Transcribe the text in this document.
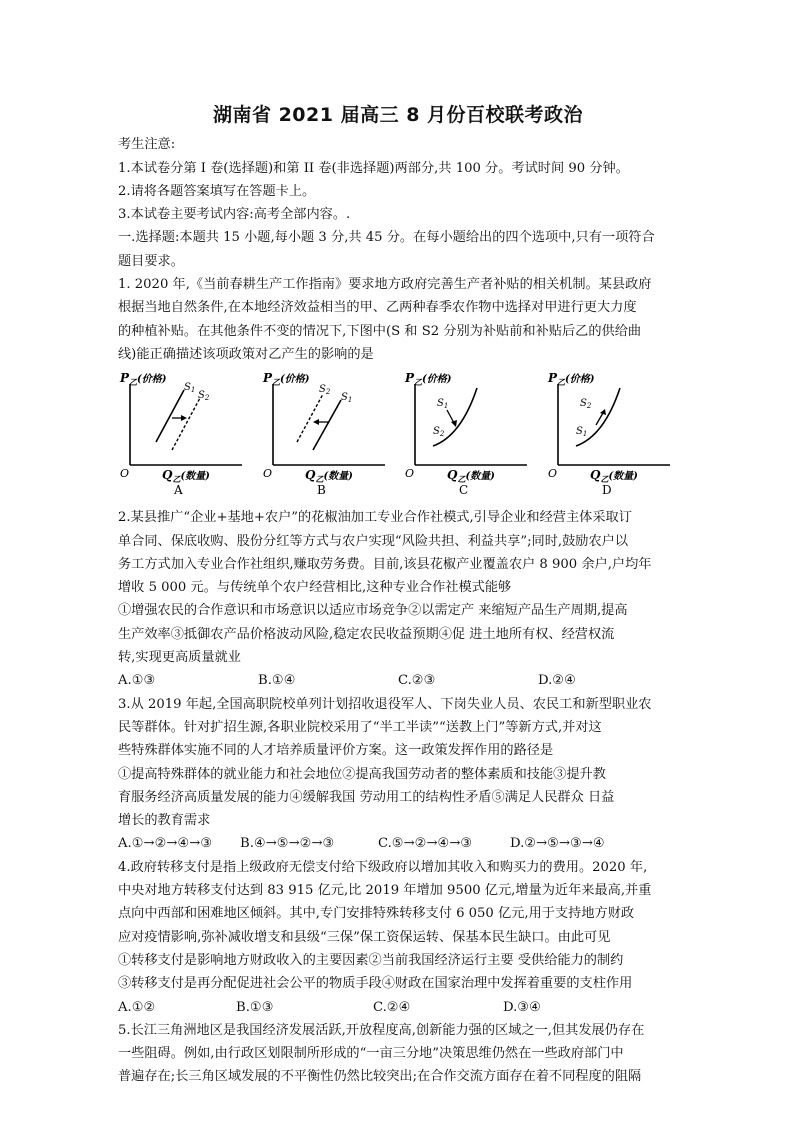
湖南省 2021 届高三 8 月份百校联考政治
考生注意:
1.本试卷分第 I 卷(选择题)和第 II 卷(非选择题)两部分,共 100 分。考试时间 90 分钟。
2.请将各题答案填写在答题卡上。
3.本试卷主要考试内容:高考全部内容。.
一.选择题:本题共 15 小题,每小题 3 分,共 45 分。在每小题给出的四个选项中,只有一项符合
题目要求。
1. 2020 年,《当前春耕生产工作指南》要求地方政府完善生产者补贴的相关机制。某县政府
根据当地自然条件,在本地经济效益相当的甲、乙两种春季农作物中选择对甲进行更大力度
的种植补贴。在其他条件不变的情况下,下图中(S 和 S2 分别为补贴前和补贴后乙的供给曲
线)能正确描述该项政策对乙产生的影响的是
$P_乙^{(价格)}$
O	$Q_乙^{(数量)}$
$S_1$ $S_2$
A
$P_乙^{(价格)}$
O	$Q_乙^{(数量)}$
$S_2$ $S_1$
B
$P_乙^{(价格)}$
O	$Q_乙^{(数量)}$
$S_1$
$S_2$
C
$P_乙^{(价格)}$
O	$Q_乙^{(数量)}$
$S_2$
$S_1$
D
2.某县推广“企业+基地+农户”的花椒油加工专业合作社模式,引导企业和经营主体采取订
单合同、保底收购、股份分红等方式与农户实现“风险共担、利益共享”;同时,鼓励农户以
务工方式加入专业合作社组织,赚取劳务费。目前,该县花椒产业覆盖农户 8 900 余户,户均年
增收 5 000 元。与传统单个农户经营相比,这种专业合作社模式能够
①增强农民的合作意识和市场意识以适应市场竞争②以需定产 来缩短产品生产周期,提高
生产效率③抵御农产品价格波动风险,稳定农民收益预期④促 进土地所有权、经营权流
转,实现更高质量就业
A.①③	B.①④	C.②③	D.②④
3.从 2019 年起,全国高职院校单列计划招收退役军人、下岗失业人员、农民工和新型职业农
民等群体。针对扩招生源,各职业院校采用了“半工半读”“送教上门”等新方式,并对这
些特殊群体实施不同的人才培养质量评价方案。这一政策发挥作用的路径是
①提高特殊群体的就业能力和社会地位②提高我国劳动者的整体素质和技能③提升教
育服务经济高质量发展的能力④缓解我国 劳动用工的结构性矛盾⑤满足人民群众 日益
增长的教育需求
A.①→②→④→③	B.④→⑤→②→③	C.⑤→②→④→③	D.②→⑤→③→④
4.政府转移支付是指上级政府无偿支付给下级政府以增加其收入和购买力的费用。2020 年,
中央对地方转移支付达到 83 915 亿元,比 2019 年增加 9500 亿元,增量为近年来最高,并重
点向中西部和困难地区倾斜。其中,专门安排特殊转移支付 6 050 亿元,用于支持地方财政
应对疫情影响,弥补减收增支和县级“三保”保工资保运转、保基本民生缺口。由此可见
①转移支付是影响地方财政收入的主要因素②当前我国经济运行主要 受供给能力的制约
③转移支付是再分配促进社会公平的物质手段④财政在国家治理中发挥着重要的支柱作用
A.①②	B.①③	C.②④	D.③④
5.长江三角洲地区是我国经济发展活跃,开放程度高,创新能力强的区域之一,但其发展仍存在
一些阻碍。例如,由行政区划限制所形成的“一亩三分地”决策思维仍然在一些政府部门中
普遍存在;长三角区域发展的不平衡性仍然比较突出;在合作交流方面存在着不同程度的阻隔
